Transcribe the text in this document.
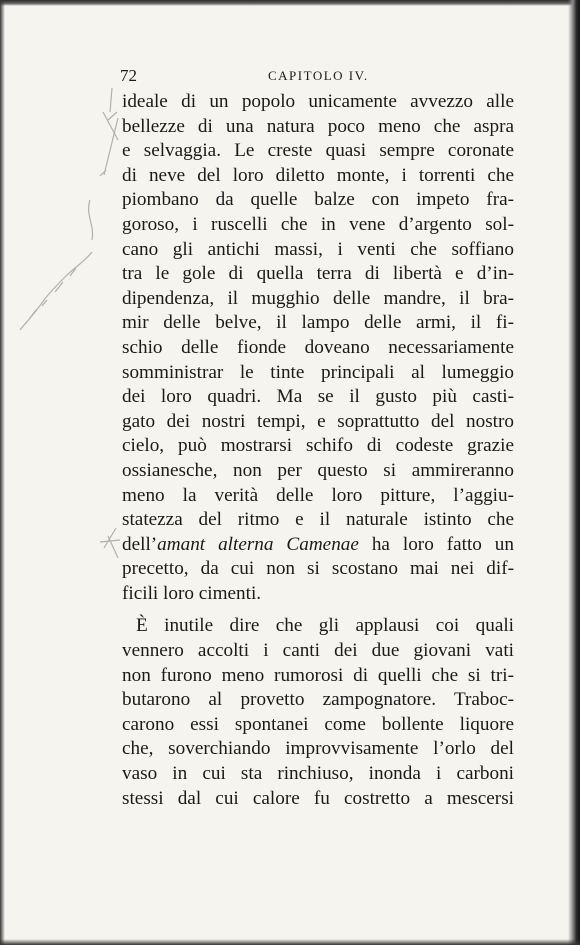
72	CAPITOLO IV.
ideale di un popolo unicamente avvezzo alle
bellezze di una natura poco meno che aspra
e selvaggia. Le creste quasi sempre coronate
di neve del loro diletto monte, i torrenti che
piombano da quelle balze con impeto fra-
goroso, i ruscelli che in vene d’argento sol-
cano gli antichi massi, i venti che soffiano
tra le gole di quella terra di libertà e d’in-
dipendenza, il mugghio delle mandre, il bra-
mir delle belve, il lampo delle armi, il fi-
schio delle fionde doveano necessariamente
somministrar le tinte principali al lumeggio
dei loro quadri. Ma se il gusto più casti-
gato dei nostri tempi, e soprattutto del nostro
cielo, può mostrarsi schifo di codeste grazie
ossianesche, non per questo si ammireranno
meno la verità delle loro pitture, l’aggiu-
statezza del ritmo e il naturale istinto che
dell’amant alterna Camenae ha loro fatto un
precetto, da cui non si scostano mai nei dif-
ficili loro cimenti.
È inutile dire che gli applausi coi quali
vennero accolti i canti dei due giovani vati
non furono meno rumorosi di quelli che si tri-
butarono al provetto zampognatore. Traboc-
carono essi spontanei come bollente liquore
che, soverchiando improvvisamente l’orlo del
vaso in cui sta rinchiuso, inonda i carboni
stessi dal cui calore fu costretto a mescersi
